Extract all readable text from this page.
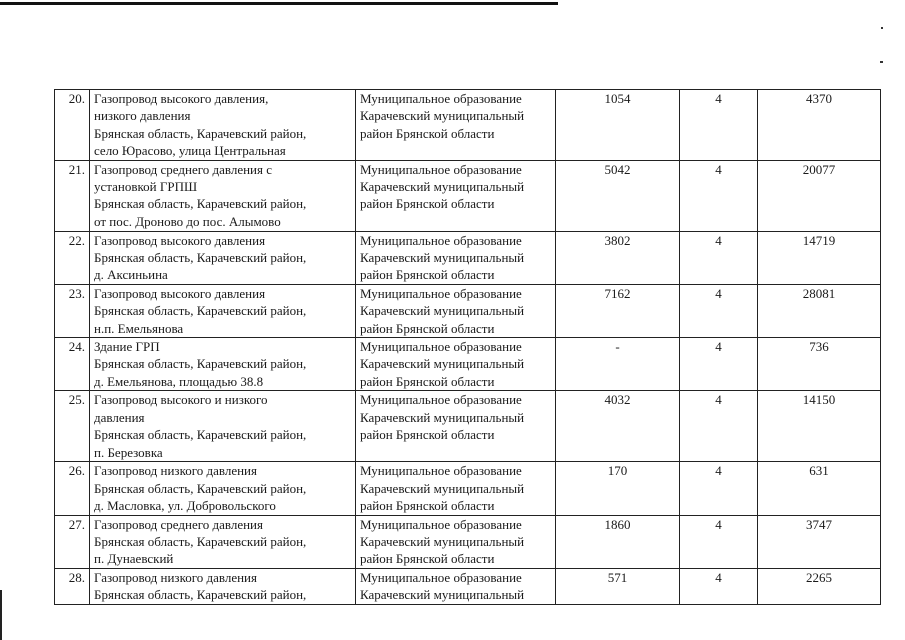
20.	Газопровод высокого давления,
низкого давления
Брянская область, Карачевский район,
село Юрасово, улица Центральная	Муниципальное образование
Карачевский муниципальный
район Брянской области	1054	4	4370
21.	Газопровод среднего давления с
установкой ГРПШ
Брянская область, Карачевский район,
от пос. Дроново до пос. Алымово	Муниципальное образование
Карачевский муниципальный
район Брянской области	5042	4	20077
22.	Газопровод высокого давления
Брянская область, Карачевский район,
д. Аксиньина	Муниципальное образование
Карачевский муниципальный
район Брянской области	3802	4	14719
23.	Газопровод высокого давления
Брянская область, Карачевский район,
н.п. Емельянова	Муниципальное образование
Карачевский муниципальный
район Брянской области	7162	4	28081
24.	Здание ГРП
Брянская область, Карачевский район,
д. Емельянова, площадью 38.8	Муниципальное образование
Карачевский муниципальный
район Брянской области	-	4	736
25.	Газопровод высокого и низкого
давления
Брянская область, Карачевский район,
п. Березовка	Муниципальное образование
Карачевский муниципальный
район Брянской области	4032	4	14150
26.	Газопровод низкого давления
Брянская область, Карачевский район,
д. Масловка, ул. Добровольского	Муниципальное образование
Карачевский муниципальный
район Брянской области	170	4	631
27.	Газопровод среднего давления
Брянская область, Карачевский район,
п. Дунаевский	Муниципальное образование
Карачевский муниципальный
район Брянской области	1860	4	3747
28.	Газопровод низкого давления
Брянская область, Карачевский район,	Муниципальное образование
Карачевский муниципальный	571	4	2265
